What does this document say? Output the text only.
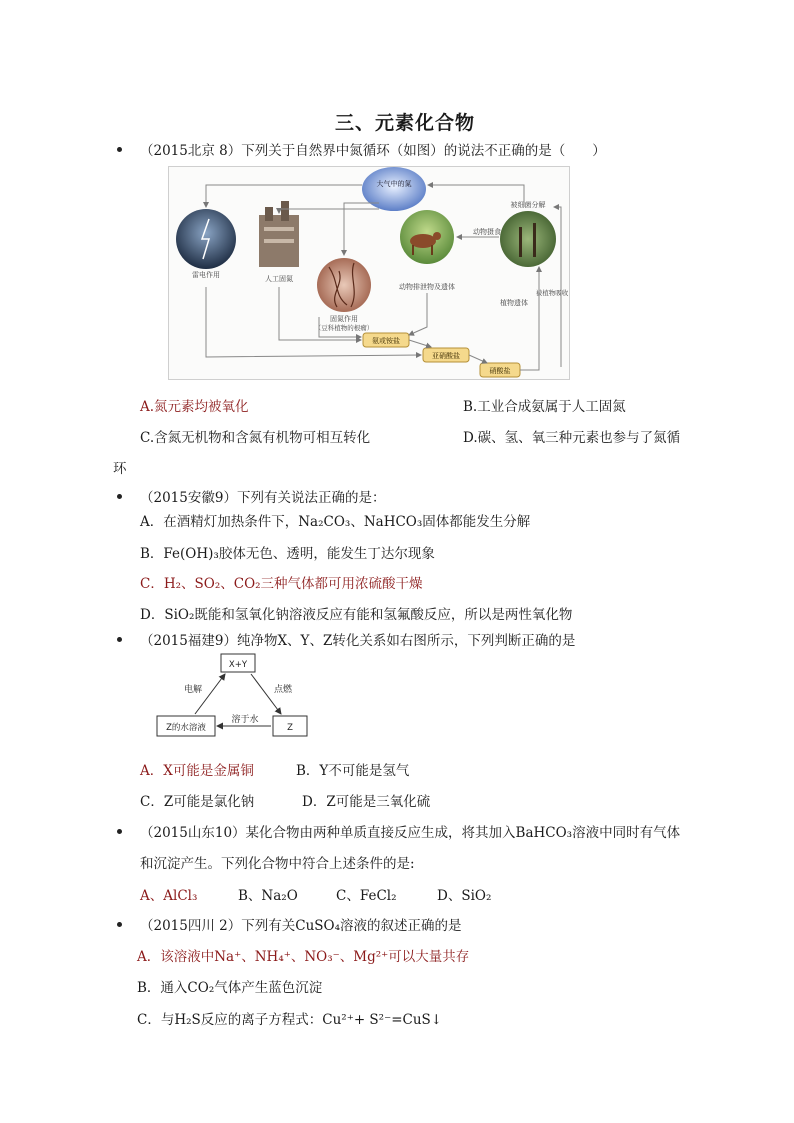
三、元素化合物
（2015北京 8）下列关于自然界中氮循环（如图）的说法不正确的是（　　）
大气中的氮
雷电作用	人工固氮
固氮作用
（豆科植物的根瘤）
动物排泄物及遗体
动物摄食
被细菌分解
植物遗体
被植物吸收
氨或铵盐
亚硝酸盐
硝酸盐
A.氮元素均被氧化	B.工业合成氨属于人工固氮
C.含氮无机物和含氮有机物可相互转化	D.碳、氢、氧三种元素也参与了氮循
环
（2015安徽9）下列有关说法正确的是：
A．在酒精灯加热条件下，Na₂CO₃、NaHCO₃固体都能发生分解
B．Fe(OH)₃胶体无色、透明，能发生丁达尔现象
C．H₂、SO₂、CO₂三种气体都可用浓硫酸干燥
D．SiO₂既能和氢氧化钠溶液反应有能和氢氟酸反应，所以是两性氧化物
（2015福建9）纯净物X、Y、Z转化关系如右图所示，下列判断正确的是
X+Y
Z的水溶液	Z
电解	点燃
溶于水
A．X可能是金属铜	B．Y不可能是氢气
C．Z可能是氯化钠	D．Z可能是三氧化硫
（2015山东10）某化合物由两种单质直接反应生成，将其加入BaHCO₃溶液中同时有气体
和沉淀产生。下列化合物中符合上述条件的是:
A、AlCl₃	B、Na₂O	C、FeCl₂	D、SiO₂
（2015四川 2）下列有关CuSO₄溶液的叙述正确的是
A．该溶液中Na⁺、NH₄⁺、NO₃⁻、Mg²⁺可以大量共存
B．通入CO₂气体产生蓝色沉淀
C．与H₂S反应的离子方程式：Cu²⁺+ S²⁻=CuS↓
